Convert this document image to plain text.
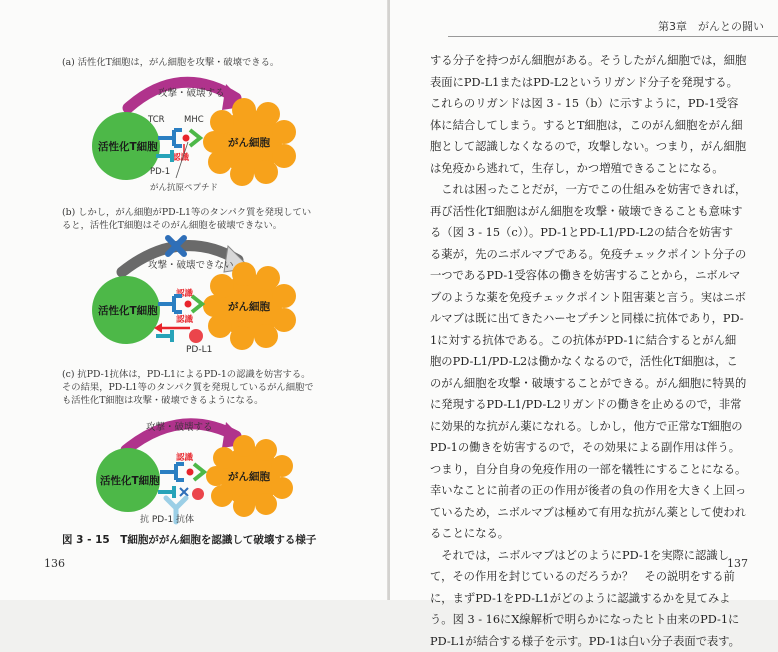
(a) 活性化T細胞は，がん細胞を攻撃・破壊できる。
攻撃・破壊する
活性化T細胞	がん細胞
TCR MHC
認識
PD-1
がん抗原ペプチド
(b) しかし，がん細胞がPD-L1等のタンパク質を発現してい
ると，活性化T細胞はそのがん細胞を破壊できない。
攻撃・破壊できない
活性化T細胞	がん細胞
認識
認識
PD-L1
(c) 抗PD-1抗体は，PD-L1によるPD-1の認識を妨害する。
その結果，PD-L1等のタンパク質を発現しているがん細胞で
も活性化T細胞は攻撃・破壊できるようになる。
攻撃・破壊する
活性化T細胞	がん細胞
認識
抗 PD-1 抗体
図 3 - 15　T細胞ががん細胞を認識して破壊する様子
136
第3章　がんとの闘い
する分子を持つがん細胞がある。そうしたがん細胞では，細胞
表面にPD-L1またはPD-L2というリガンド分子を発現する。
これらのリガンドは図 3 - 15（b）に示すように，PD-1受容
体に結合してしまう。するとT細胞は，このがん細胞をがん細
胞として認識しなくなるので，攻撃しない。つまり，がん細胞
は免疫から逃れて，生存し，かつ増殖できることになる。
　これは困ったことだが，一方でこの仕組みを妨害できれば，
再び活性化T細胞はがん細胞を攻撃・破壊できることも意味す
る（図 3 - 15（c））。PD-1とPD-L1/PD-L2の結合を妨害す
る薬が，先のニボルマブである。免疫チェックポイント分子の
一つであるPD-1受容体の働きを妨害することから，ニボルマ
ブのような薬を免疫チェックポイント阻害薬と言う。実はニボ
ルマブは既に出てきたハーセプチンと同様に抗体であり，PD-
1に対する抗体である。この抗体がPD-1に結合するとがん細
胞のPD-L1/PD-L2は働かなくなるので，活性化T細胞は，こ
のがん細胞を攻撃・破壊することができる。がん細胞に特異的
に発現するPD-L1/PD-L2リガンドの働きを止めるので，非常
に効果的な抗がん薬になれる。しかし，他方で正常なT細胞の
PD-1の働きを妨害するので，その効果による副作用は伴う。
つまり，自分自身の免疫作用の一部を犠牲にすることになる。
幸いなことに前者の正の作用が後者の負の作用を大きく上回っ
ているため，ニボルマブは極めて有用な抗がん薬として使われ
ることになる。
　それでは，ニボルマブはどのようにPD-1を実際に認識し
て，その作用を封じているのだろうか？　その説明をする前
に，まずPD-1をPD-L1がどのように認識するかを見てみよ
う。図 3 - 16にX線解析で明らかになったヒト由来のPD-1に
PD-L1が結合する様子を示す。PD-1は白い分子表面で表す。
137
